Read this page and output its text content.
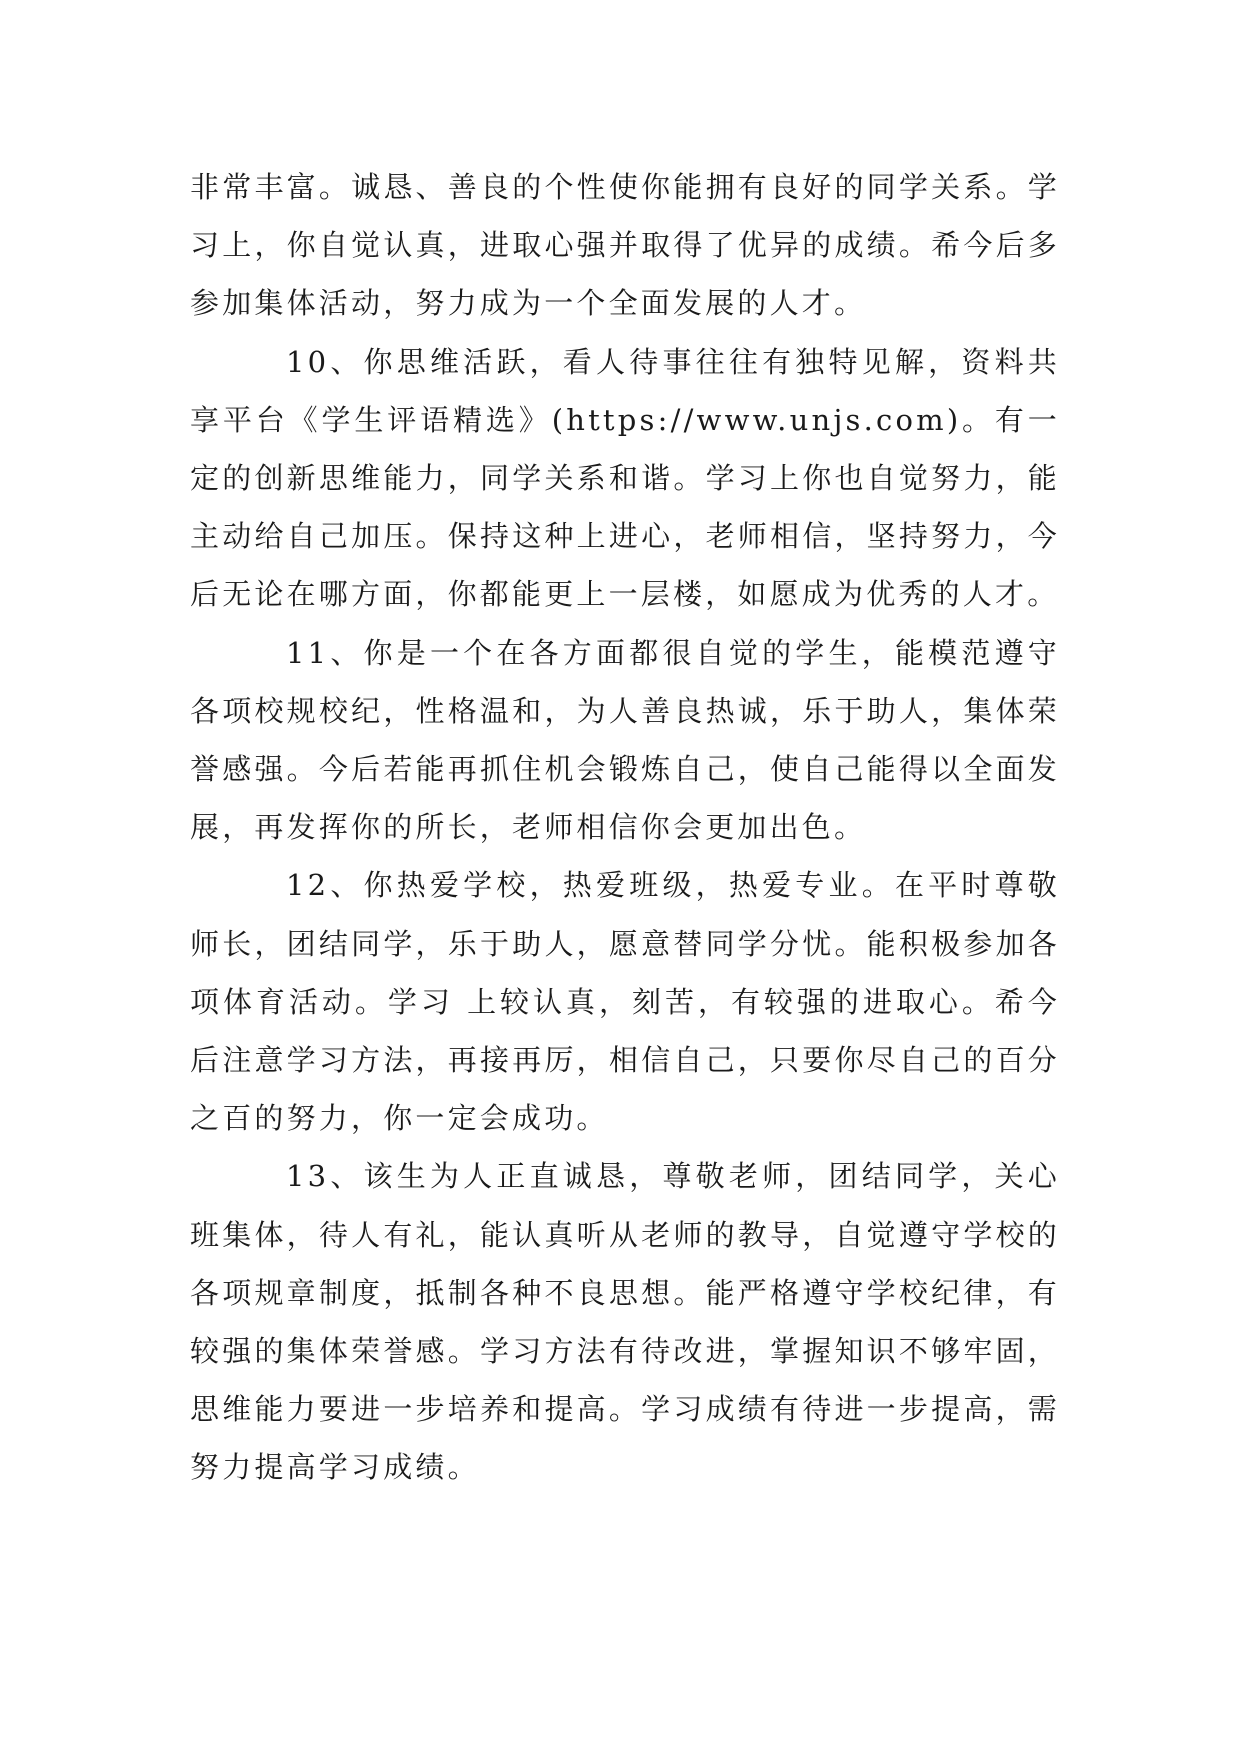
非常丰富。诚恳、善良的个性使你能拥有良好的同学关系。学习上，你自觉认真，进取心强并取得了优异的成绩。希今后多参加集体活动，努力成为一个全面发展的人才。

10、你思维活跃，看人待事往往有独特见解，资料共享平台《学生评语精选》(https://www.unjs.com)。有一定的创新思维能力，同学关系和谐。学习上你也自觉努力，能主动给自己加压。保持这种上进心，老师相信，坚持努力，今后无论在哪方面，你都能更上一层楼，如愿成为优秀的人才。

11、你是一个在各方面都很自觉的学生，能模范遵守各项校规校纪，性格温和，为人善良热诚，乐于助人，集体荣誉感强。今后若能再抓住机会锻炼自己，使自己能得以全面发展，再发挥你的所长，老师相信你会更加出色。

12、你热爱学校，热爱班级，热爱专业。在平时尊敬师长，团结同学，乐于助人，愿意替同学分忧。能积极参加各项体育活动。学习 上较认真，刻苦，有较强的进取心。希今后注意学习方法，再接再厉，相信自己，只要你尽自己的百分之百的努力，你一定会成功。

13、该生为人正直诚恳，尊敬老师，团结同学，关心班集体，待人有礼，能认真听从老师的教导，自觉遵守学校的各项规章制度，抵制各种不良思想。能严格遵守学校纪律，有较强的集体荣誉感。学习方法有待改进，掌握知识不够牢固，思维能力要进一步培养和提高。学习成绩有待进一步提高，需努力提高学习成绩。
